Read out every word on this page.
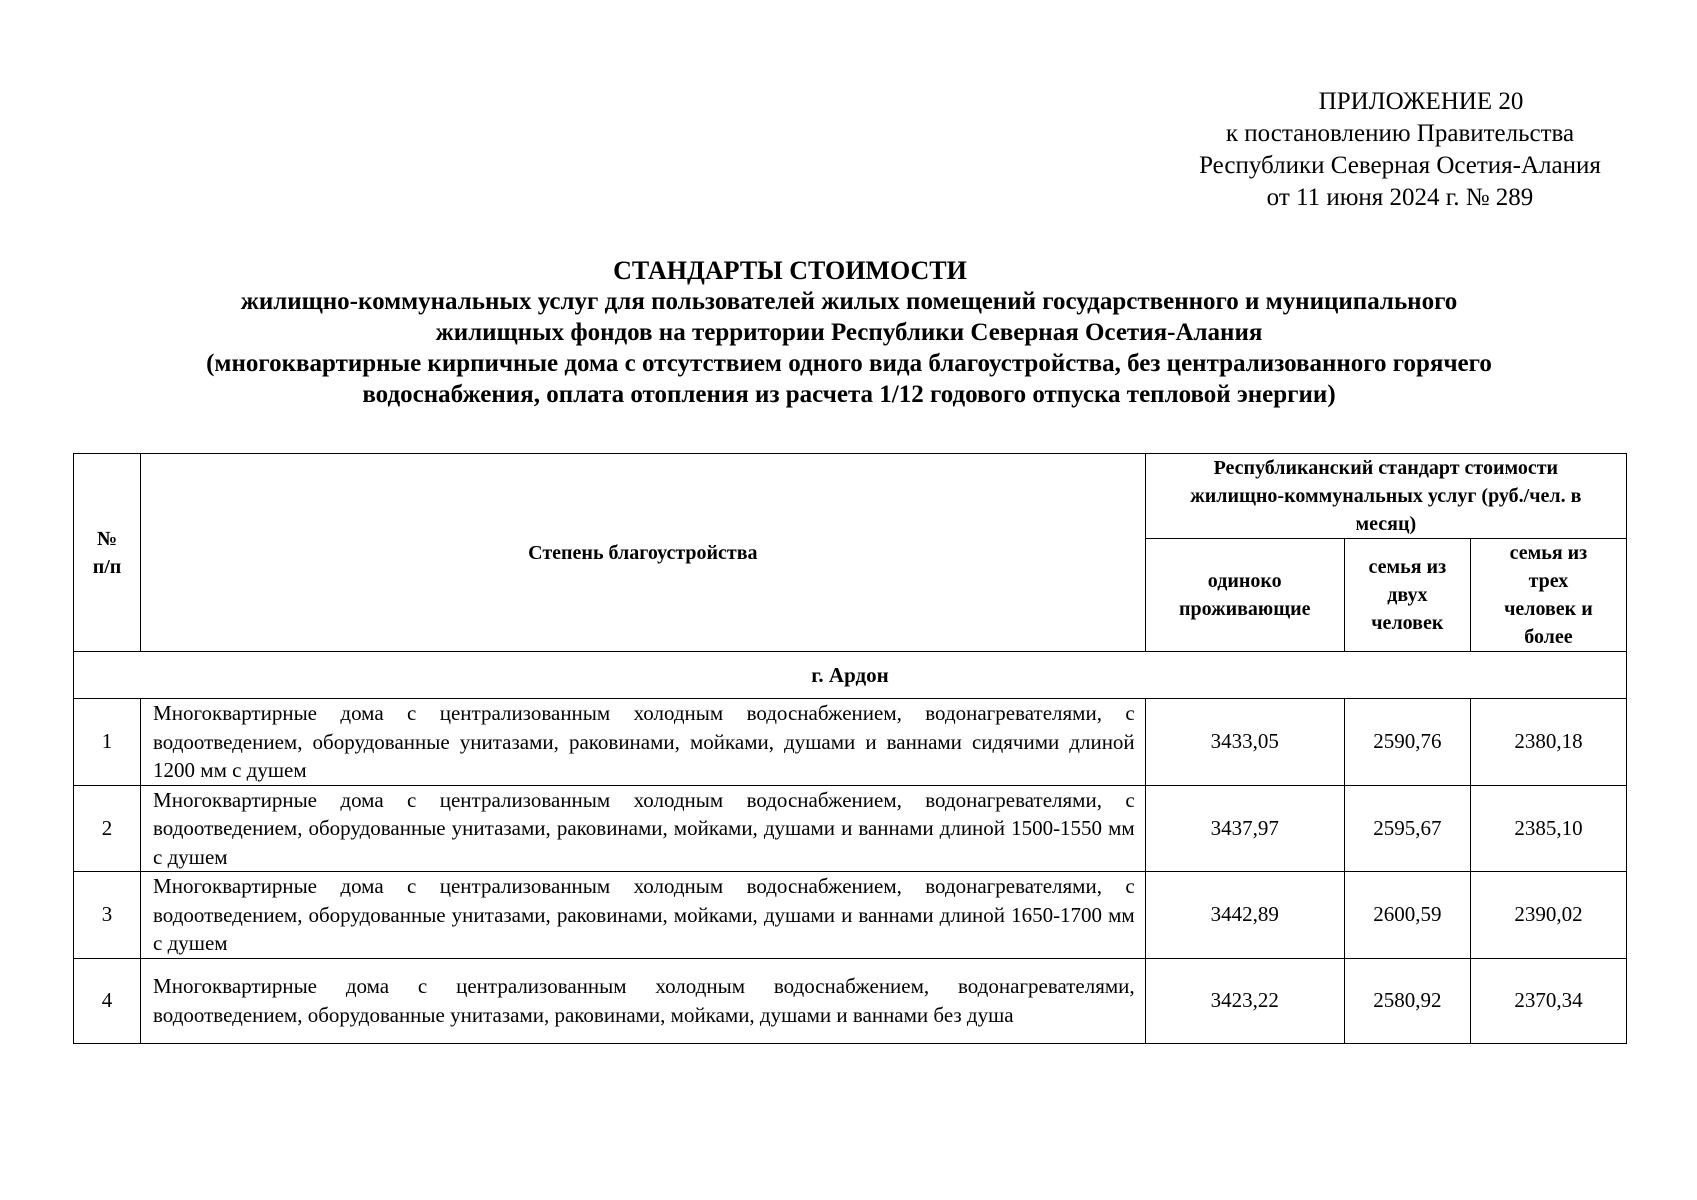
ПРИЛОЖЕНИЕ 20
к постановлению Правительства
Республики Северная Осетия-Алания
от 11 июня 2024 г. № 289
СТАНДАРТЫ СТОИМОСТИ
жилищно-коммунальных услуг для пользователей жилых помещений государственного и муниципального
жилищных фондов на территории Республики Северная Осетия-Алания
(многоквартирные кирпичные дома с отсутствием одного вида благоустройства, без централизованного горячего
водоснабжения, оплата отопления из расчета 1/12 годового отпуска тепловой энергии)
№ п/п	Степень благоустройства	Республиканский стандарт стоимости жилищно-коммунальных услуг (руб./чел. в месяц)		
		одиноко проживающие	семья из двух человек	семья из трех человек и более
г. Ардон				
1	Многоквартирные дома с централизованным холодным водоснабжением, водонагревателями, с водоотведением, оборудованные унитазами, раковинами, мойками, душами и ваннами сидячими длиной 1200 мм с душем	3433,05	2590,76	2380,18
2	Многоквартирные дома с централизованным холодным водоснабжением, водонагревателями, с водоотведением, оборудованные унитазами, раковинами, мойками, душами и ваннами длиной 1500-1550 мм с душем	3437,97	2595,67	2385,10
3	Многоквартирные дома с централизованным холодным водоснабжением, водонагревателями, с водоотведением, оборудованные унитазами, раковинами, мойками, душами и ваннами длиной 1650-1700 мм с душем	3442,89	2600,59	2390,02
4	Многоквартирные дома с централизованным холодным водоснабжением, водонагревателями, водоотведением, оборудованные унитазами, раковинами, мойками, душами и ваннами без душа	3423,22	2580,92	2370,34
